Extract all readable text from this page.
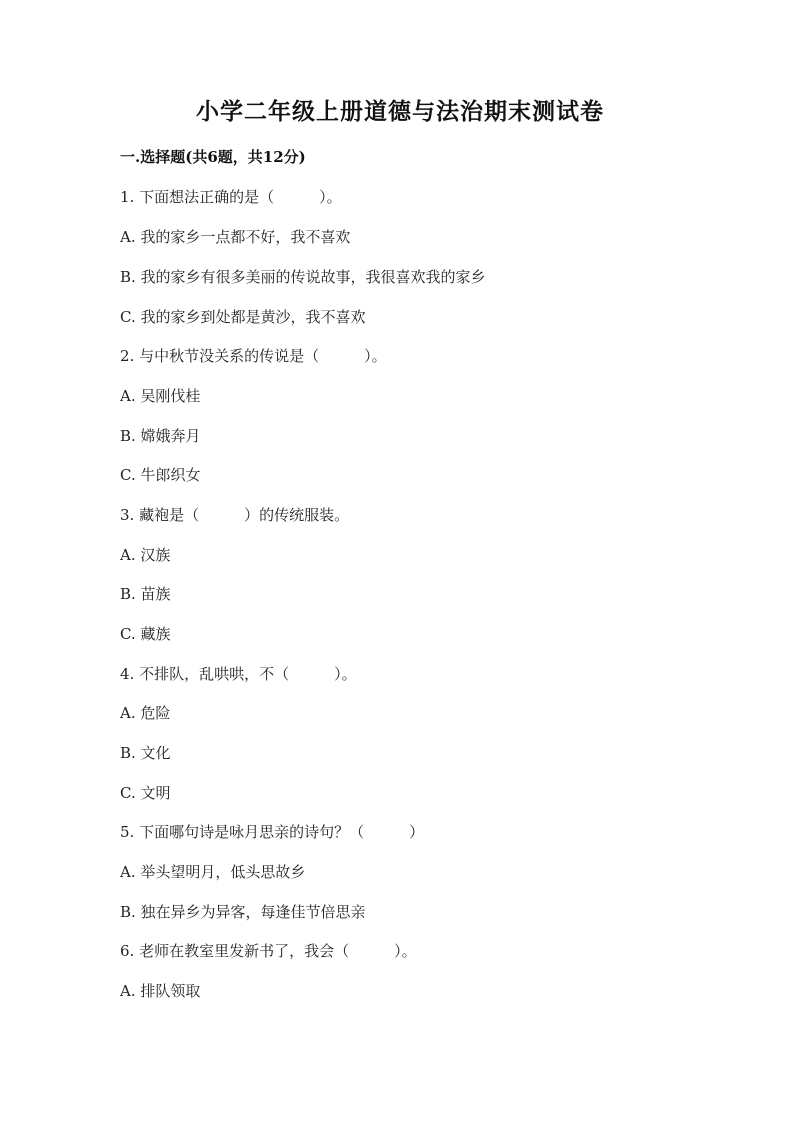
小学二年级上册道德与法治期末测试卷
一.选择题(共6题，共12分)
1. 下面想法正确的是（　　　）。
A. 我的家乡一点都不好，我不喜欢
B. 我的家乡有很多美丽的传说故事，我很喜欢我的家乡
C. 我的家乡到处都是黄沙，我不喜欢
2. 与中秋节没关系的传说是（　　　）。
A. 吴刚伐桂
B. 嫦娥奔月
C. 牛郎织女
3. 藏袍是（　　　）的传统服装。
A. 汉族
B. 苗族
C. 藏族
4. 不排队，乱哄哄，不（　　　）。
A. 危险
B. 文化
C. 文明
5. 下面哪句诗是咏月思亲的诗句？（　　　）
A. 举头望明月，低头思故乡
B. 独在异乡为异客，每逢佳节倍思亲
6. 老师在教室里发新书了，我会（　　　）。
A. 排队领取
